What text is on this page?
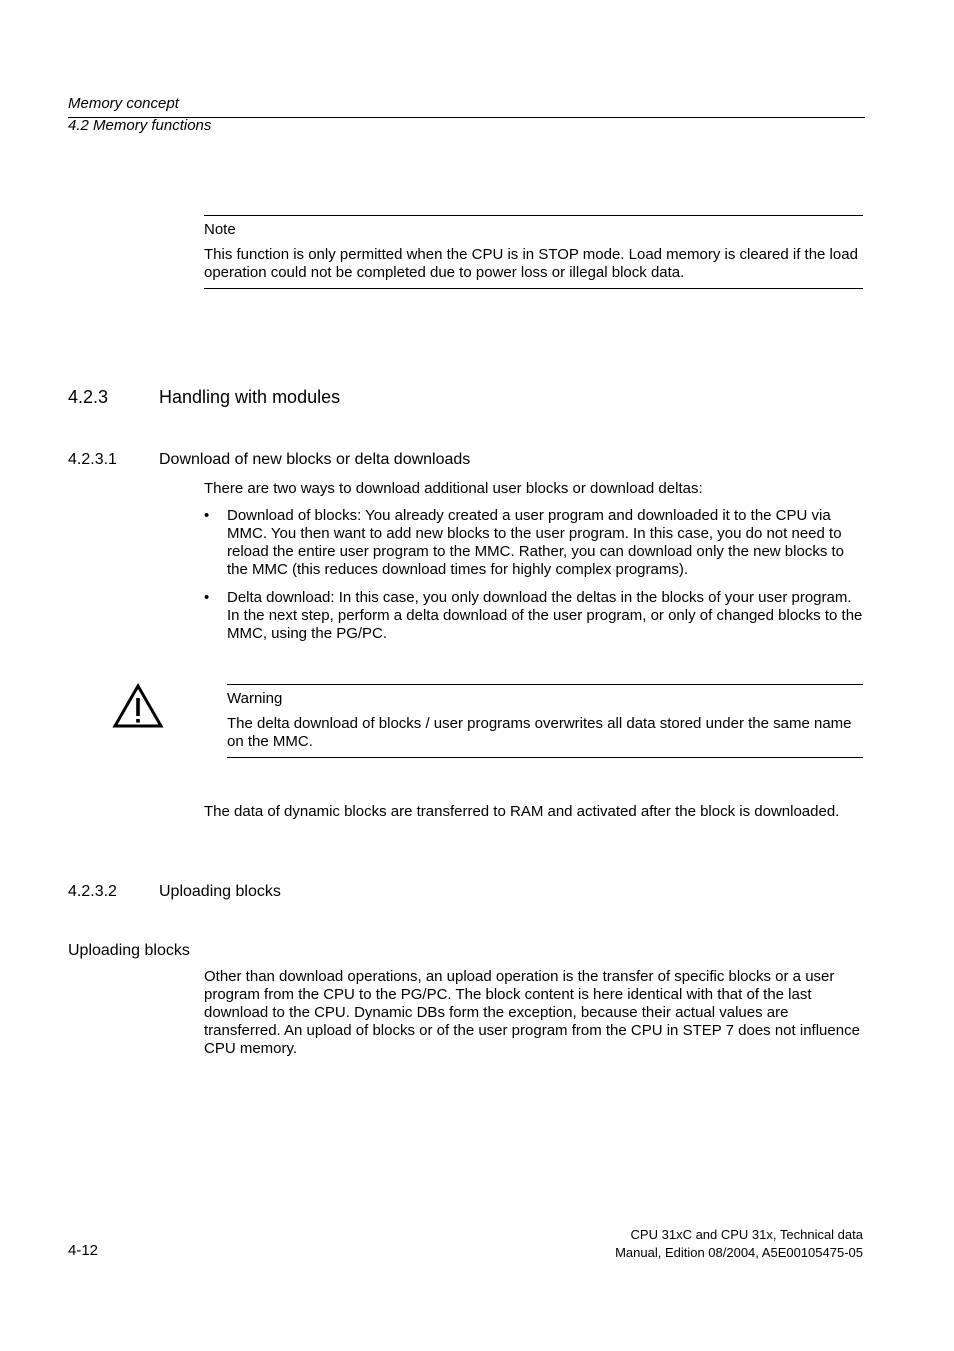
Memory concept
4.2 Memory functions

Note

This function is only permitted when the CPU is in STOP mode. Load memory is cleared if the load operation could not be completed due to power loss or illegal block data.

4.2.3	Handling with modules
4.2.3.1	Download of new blocks or delta downloads

There are two ways to download additional user blocks or download deltas:

• Download of blocks: You already created a user program and downloaded it to the CPU via MMC. You then want to add new blocks to the user program. In this case, you do not need to reload the entire user program to the MMC. Rather, you can download only the new blocks to the MMC (this reduces download times for highly complex programs).
• Delta download: In this case, you only download the deltas in the blocks of your user program. In the next step, perform a delta download of the user program, or only of changed blocks to the MMC, using the PG/PC.

Warning

The delta download of blocks / user programs overwrites all data stored under the same name on the MMC.

The data of dynamic blocks are transferred to RAM and activated after the block is downloaded.

4.2.3.2	Uploading blocks
Uploading blocks

Other than download operations, an upload operation is the transfer of specific blocks or a user program from the CPU to the PG/PC. The block content is here identical with that of the last download to the CPU. Dynamic DBs form the exception, because their actual values are transferred. An upload of blocks or of the user program from the CPU in STEP 7 does not influence CPU memory.

4-12
CPU 31xC and CPU 31x, Technical data
Manual, Edition 08/2004, A5E00105475-05
